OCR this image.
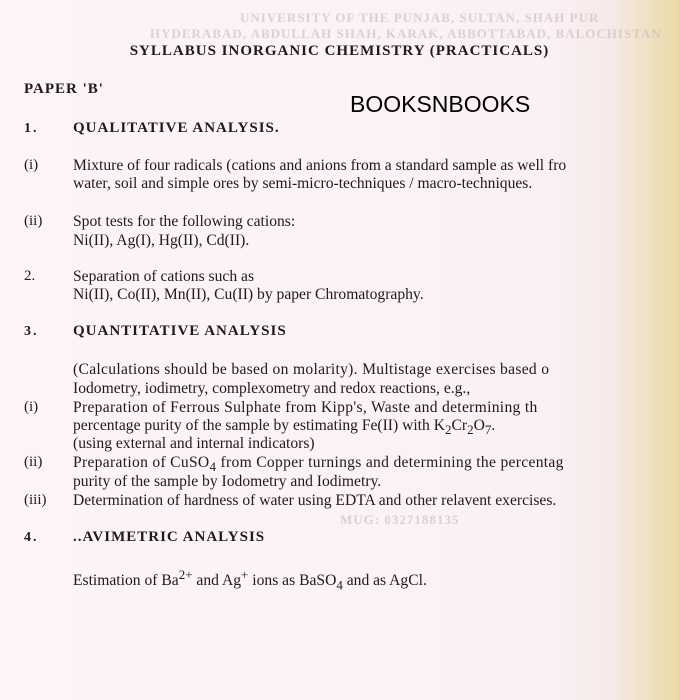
UNIVERSITY OF THE PUNJAB, SULTAN, SHAH PUR
HYDERABAD, ABDULLAH SHAH, KARAK, ABBOTTABAD, BALOCHISTAN
MUG: 0327188135
SYLLABUS INORGANIC CHEMISTRY (PRACTICALS)
PAPER 'B'
BOOKSNBOOKS
1. QUALITATIVE ANALYSIS.
(i) Mixture of four radicals (cations and anions from a standard sample as well fro
water, soil and simple ores by semi-micro-techniques / macro-techniques.
(ii) Spot tests for the following cations:
Ni(II), Ag(I), Hg(II), Cd(II).
2. Separation of cations such as
Ni(II), Co(II), Mn(II), Cu(II) by paper Chromatography.
3. QUANTITATIVE ANALYSIS
(Calculations should be based on molarity). Multistage exercises based o
Iodometry, iodimetry, complexometry and redox reactions, e.g.,
(i) Preparation of Ferrous Sulphate from Kipp's, Waste and determining th
percentage purity of the sample by estimating Fe(II) with $K_2Cr_2O_7$.
(using external and internal indicators)
(ii) Preparation of CuSO$_4$ from Copper turnings and determining the percentag
purity of the sample by Iodometry and Iodimetry.
(iii) Determination of hardness of water using EDTA and other relavent exercises.
4. ..AVIMETRIC ANALYSIS
Estimation of $Ba^{2+}$ and Ag+ ions as BaSO$_4$ and as AgCl.
